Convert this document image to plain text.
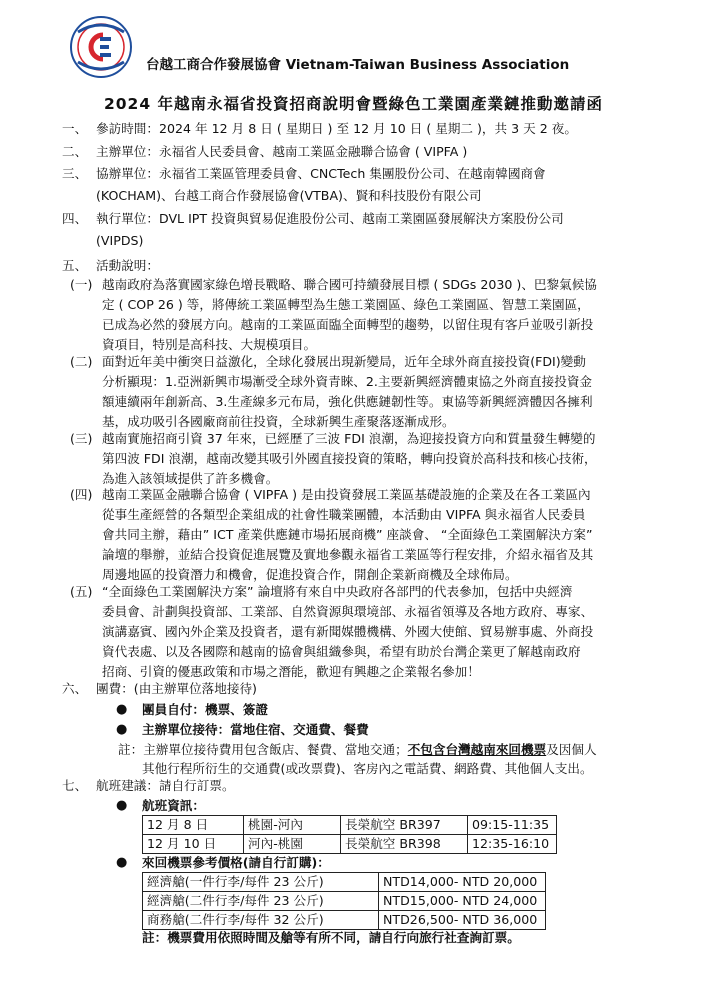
台越工商合作發展協會 Vietnam-Taiwan Business Association
2024 年越南永福省投資招商說明會暨綠色工業園產業鏈推動邀請函
一、 參訪時間：2024 年 12 月 8 日 ( 星期日 ) 至 12 月 10 日 ( 星期二 )，共 3 天 2 夜。
二、 主辦單位：永福省人民委員會、越南工業區金融聯合協會 ( VIPFA )
三、 協辦單位：永福省工業區管理委員會、CNCTech 集團股份公司、在越南韓國商會
(KOCHAM)、台越工商合作發展協會(VTBA)、賢和科技股份有限公司
四、 執行單位：DVL IPT 投資與貿易促進股份公司、越南工業園區發展解決方案股份公司
(VIPDS)
五、 活動說明：
(一) 越南政府為落實國家綠色增長戰略、聯合國可持續發展目標 ( SDGs 2030 )、巴黎氣候協
定 ( COP 26 ) 等，將傳統工業區轉型為生態工業園區、綠色工業園區、智慧工業園區，
已成為必然的發展方向。越南的工業區面臨全面轉型的趨勢，以留住現有客戶並吸引新投
資項目，特別是高科技、大規模項目。
(二) 面對近年美中衝突日益激化，全球化發展出現新變局，近年全球外商直接投資(FDI)變動
分析顯現：1.亞洲新興市場漸受全球外資青睞、2.主要新興經濟體東協之外商直接投資金
額連續兩年創新高、3.生產線多元布局，強化供應鏈韌性等。東協等新興經濟體因各擁利
基，成功吸引各國廠商前往投資，全球新興生產聚落逐漸成形。
(三) 越南實施招商引資 37 年來，已經歷了三波 FDI 浪潮，為迎接投資方向和質量發生轉變的
第四波 FDI 浪潮，越南改變其吸引外國直接投資的策略，轉向投資於高科技和核心技術，
為進入該領域提供了許多機會。
(四) 越南工業區金融聯合協會 ( VIPFA ) 是由投資發展工業區基礎設施的企業及在各工業區內
從事生產經營的各類型企業組成的社會性職業團體，本活動由 VIPFA 與永福省人民委員
會共同主辦，藉由” ICT 產業供應鏈市場拓展商機” 座談會、 “全面綠色工業園解決方案”
論壇的舉辦，並結合投資促進展覽及實地參觀永福省工業區等行程安排，介紹永福省及其
周邊地區的投資潛力和機會，促進投資合作，開創企業新商機及全球佈局。
(五) “全面綠色工業園解決方案” 論壇將有來自中央政府各部門的代表參加，包括中央經濟
委員會、計劃與投資部、工業部、自然資源與環境部、永福省領導及各地方政府、專家、
演講嘉賓、國內外企業及投資者，還有新聞媒體機構、外國大使館、貿易辦事處、外商投
資代表處、以及各國際和越南的協會與組織參與，希望有助於台灣企業更了解越南政府
招商、引資的優惠政策和市場之潛能，歡迎有興趣之企業報名參加！
六、 團費：(由主辦單位落地接待)
● 團員自付：機票、簽證
● 主辦單位接待：當地住宿、交通費、餐費
註：主辦單位接待費用包含飯店、餐費、當地交通；不包含台灣越南來回機票及因個人
其他行程所衍生的交通費(或改票費)、客房內之電話費、網路費、其他個人支出。
七、 航班建議：請自行訂票。
● 航班資訊：
12 月 8 日	桃園-河內	長榮航空 BR397	09:15-11:35
12 月 10 日	河內-桃園	長榮航空 BR398	12:35-16:10
● 來回機票參考價格(請自行訂購)：
經濟艙(一件行李/每件 23 公斤)	NTD14,000- NTD 20,000
經濟艙(二件行李/每件 23 公斤)	NTD15,000- NTD 24,000
商務艙(二件行李/每件 32 公斤)	NTD26,500- NTD 36,000
註：機票費用依照時間及艙等有所不同，請自行向旅行社查詢訂票。
